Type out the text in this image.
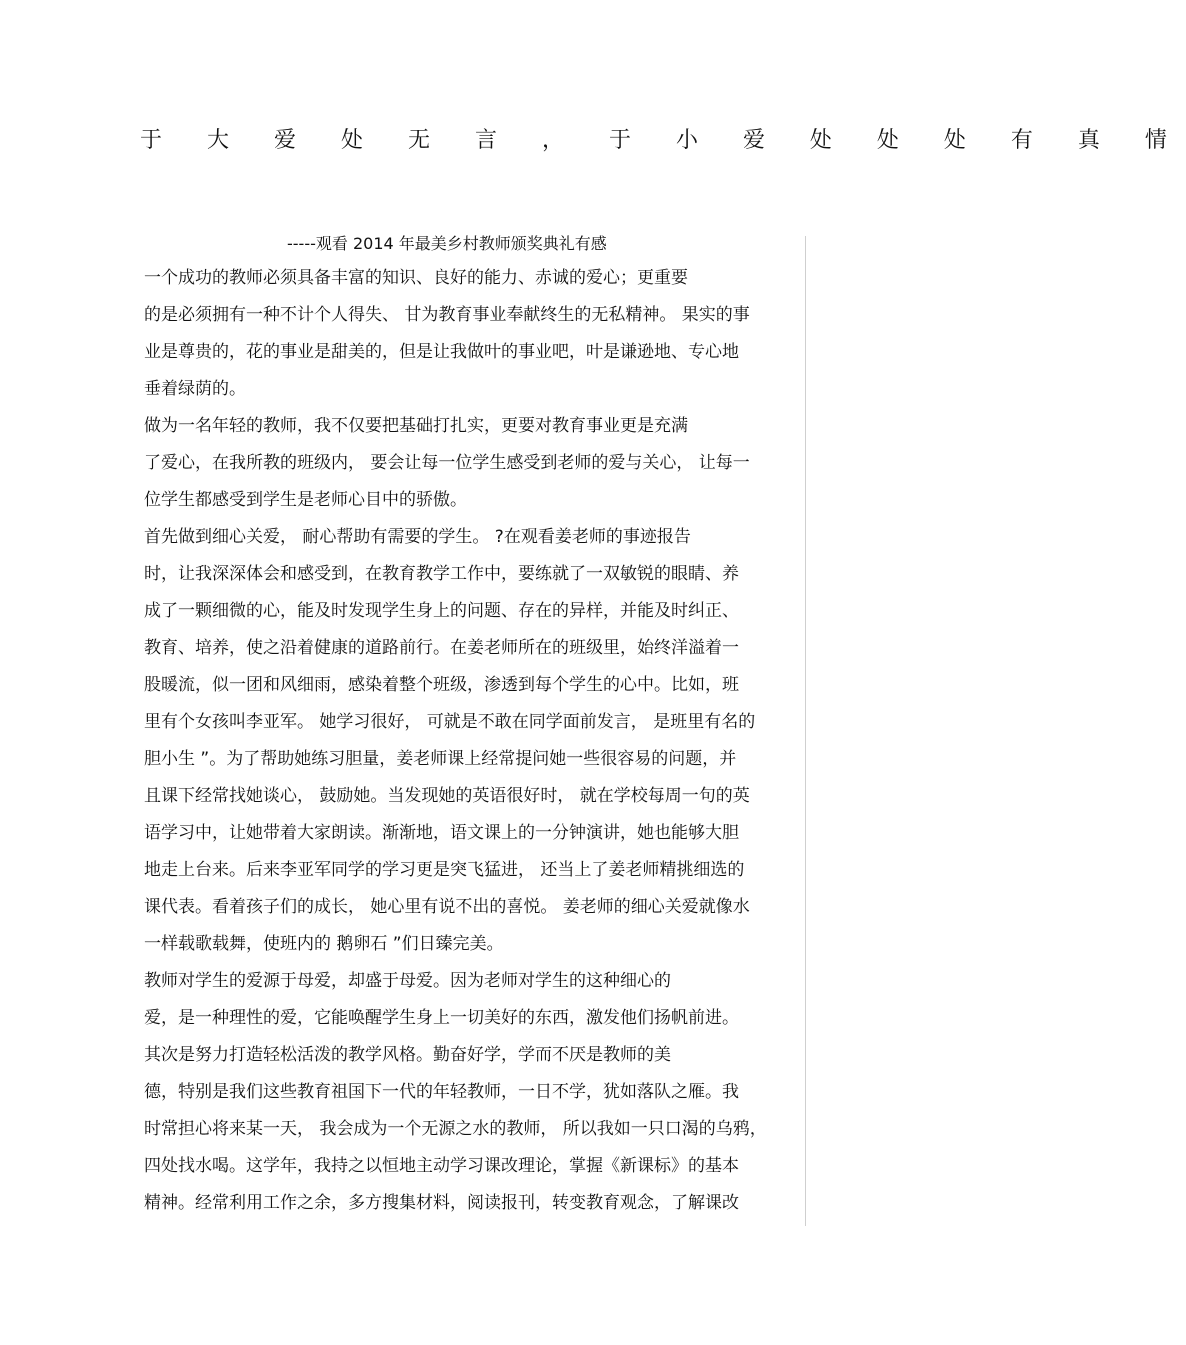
于 大 爱 处 无 言 ， 于 小 爱 处 处 处 有 真 情
-----观看 2014 年最美乡村教师颁奖典礼有感
一个成功的教师必须具备丰富的知识、良好的能力、赤诚的爱心；更重要
的是必须拥有一种不计个人得失、 甘为教育事业奉献终生的无私精神。 果实的事
业是尊贵的，花的事业是甜美的，但是让我做叶的事业吧，叶是谦逊地、专心地
垂着绿荫的。
做为一名年轻的教师，我不仅要把基础打扎实，更要对教育事业更是充满
了爱心，在我所教的班级内， 要会让每一位学生感受到老师的爱与关心， 让每一
位学生都感受到学生是老师心目中的骄傲。
首先做到细心关爱， 耐心帮助有需要的学生。 ?在观看姜老师的事迹报告
时，让我深深体会和感受到，在教育教学工作中，要练就了一双敏锐的眼睛、养
成了一颗细微的心，能及时发现学生身上的问题、存在的异样，并能及时纠正、
教育、培养，使之沿着健康的道路前行。在姜老师所在的班级里，始终洋溢着一
股暖流，似一团和风细雨，感染着整个班级，渗透到每个学生的心中。比如，班
里有个女孩叫李亚军。 她学习很好， 可就是不敢在同学面前发言， 是班里有名的
胆小生 ”。为了帮助她练习胆量，姜老师课上经常提问她一些很容易的问题，并
且课下经常找她谈心， 鼓励她。当发现她的英语很好时， 就在学校每周一句的英
语学习中，让她带着大家朗读。渐渐地，语文课上的一分钟演讲，她也能够大胆
地走上台来。后来李亚军同学的学习更是突飞猛进， 还当上了姜老师精挑细选的
课代表。看着孩子们的成长， 她心里有说不出的喜悦。 姜老师的细心关爱就像水
一样载歌载舞，使班内的 鹅卵石 ”们日臻完美。
教师对学生的爱源于母爱，却盛于母爱。因为老师对学生的这种细心的
爱，是一种理性的爱，它能唤醒学生身上一切美好的东西，激发他们扬帆前进。
其次是努力打造轻松活泼的教学风格。勤奋好学，学而不厌是教师的美
德，特别是我们这些教育祖国下一代的年轻教师，一日不学，犹如落队之雁。我
时常担心将来某一天， 我会成为一个无源之水的教师， 所以我如一只口渴的乌鸦，
四处找水喝。这学年，我持之以恒地主动学习课改理论，掌握《新课标》的基本
精神。经常利用工作之余，多方搜集材料，阅读报刊，转变教育观念，了解课改
